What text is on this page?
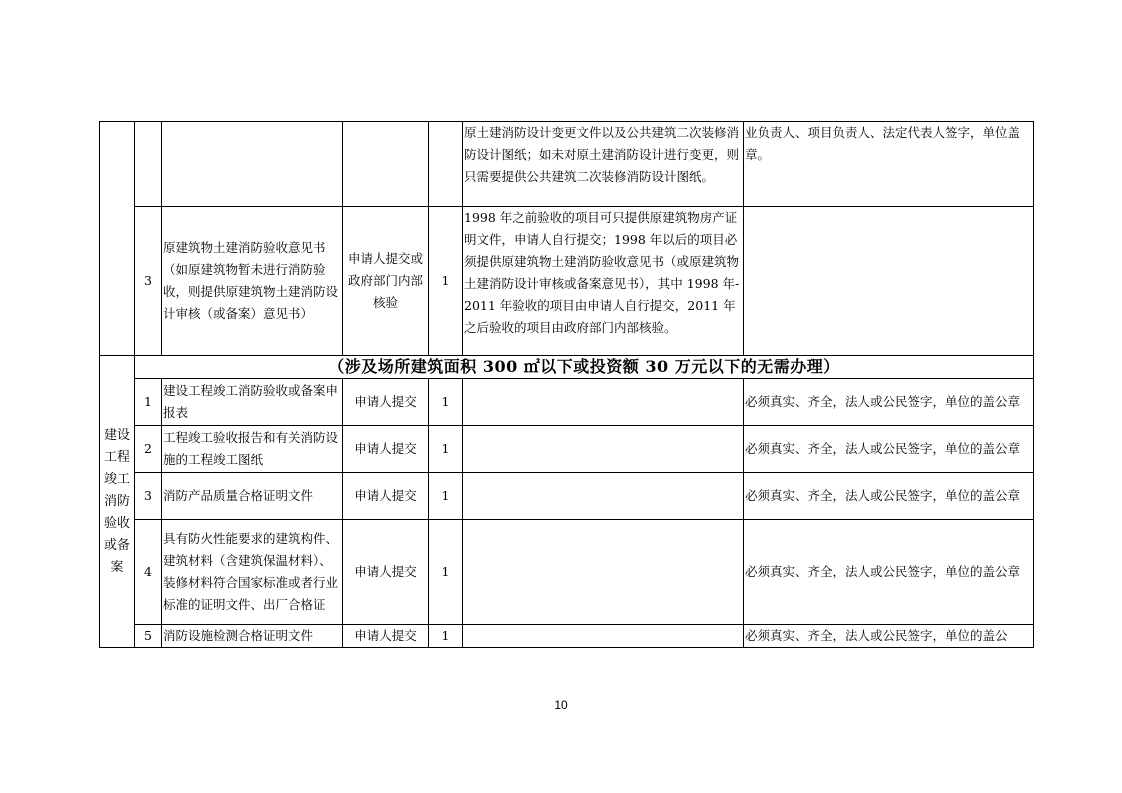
					原土建消防设计变更文件以及公共建筑二次装修消防设计图纸；如未对原土建消防设计进行变更，则只需要提供公共建筑二次装修消防设计图纸。	业负责人、项目负责人、法定代表人签字，单位盖章。
	3	原建筑物土建消防验收意见书（如原建筑物暂未进行消防验收，则提供原建筑物土建消防设计审核（或备案）意见书）	申请人提交或政府部门内部核验	1	1998 年之前验收的项目可只提供原建筑物房产证明文件，申请人自行提交；1998 年以后的项目必须提供原建筑物土建消防验收意见书（或原建筑物土建消防设计审核或备案意见书），其中 1998 年-2011 年验收的项目由申请人自行提交，2011 年之后验收的项目由政府部门内部核验。	
建设工程竣工消防验收或备案	（涉及场所建筑面积 300 ㎡以下或投资额 30 万元以下的无需办理）					
	1	建设工程竣工消防验收或备案申报表	申请人提交	1		必须真实、齐全，法人或公民签字，单位的盖公章
	2	工程竣工验收报告和有关消防设施的工程竣工图纸	申请人提交	1		必须真实、齐全，法人或公民签字，单位的盖公章
	3	消防产品质量合格证明文件	申请人提交	1		必须真实、齐全，法人或公民签字，单位的盖公章
	4	具有防火性能要求的建筑构件、建筑材料（含建筑保温材料）、装修材料符合国家标准或者行业标准的证明文件、出厂合格证	申请人提交	1		必须真实、齐全，法人或公民签字，单位的盖公章
	5	消防设施检测合格证明文件	申请人提交	1		必须真实、齐全，法人或公民签字，单位的盖公
10
